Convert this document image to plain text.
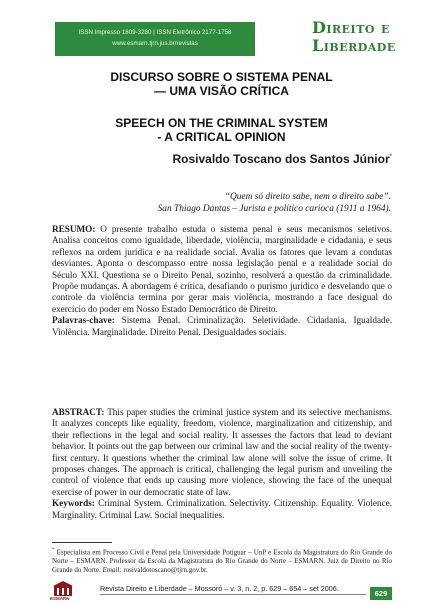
ISSN Impresso 1809-3280 | ISSN Eletrônico 2177-1758
www.esmarn.tjrn.jus.br/revistas
Direito e
Liberdade
DISCURSO SOBRE O SISTEMA PENAL
— UMA VISÃO CRÍTICA
SPEECH ON THE CRIMINAL SYSTEM
- A CRITICAL OPINION
Rosivaldo Toscano dos Santos Júnior*
“Quem só direito sabe, nem o direito sabe”.
San Thiago Dantas – Jurista e político carioca (1911 a 1964).
RESUMO: O presente trabalho estuda o sistema penal e seus mecanismos seletivos. Analisa conceitos como igualdade, liberdade, violência, marginalidade e cidadania, e seus reflexos na ordem jurídica e na realidade social. Avalia os fatores que levam a condutas desviantes. Aponta o descompasso entre nossa legislação penal e a realidade social do Século XXI. Questiona se o Direito Penal, sozinho, resolverá a questão da criminalidade. Propõe mudanças. A abordagem é crítica, desafiando o purismo jurídico e desvelando que o controle da violência termina por gerar mais violência, mostrando a face desigual do exercício do poder em Nosso Estado Democrático de Direito.
Palavras-chave: Sistema Penal. Criminalização. Seletividade. Cidadania. Igualdade. Violência. Marginalidade. Direito Penal. Desigualdades sociais.
ABSTRACT: This paper studies the criminal justice system and its selective mechanisms. It analyzes concepts like equality, freedom, violence, marginalization and citizenship, and their reflections in the legal and social reality. It assesses the factors that lead to deviant behavior. It points out the gap between our criminal law and the social reality of the twenty-first century. It questions whether the criminal law alone will solve the issue of crime. It proposes changes. The approach is critical, challenging the legal purism and unveiling the control of violence that ends up causing more violence, showing the face of the unequal exercise of power in our democratic state of law.
Keywords: Criminal System. Criminalization. Selectivity. Citizenship. Equality. Violence. Marginality. Criminal Law. Social inequalities.
* Especialista em Processo Civil e Penal pela Universidade Potiguar – UnP e Escola da Magistratura do Rio Grande do Norte – ESMARN. Professor da Escola da Magistratura do Rio Grande do Norte – ESMARN. Juiz de Direito no Rio Grande do Norte. Email: rosivaldotoscano@tjrn.gov.br.
ESMARN
Revista Direito e Liberdade – Mossoró – v. 3, n. 2, p. 629 – 654 – set 2006.
629
